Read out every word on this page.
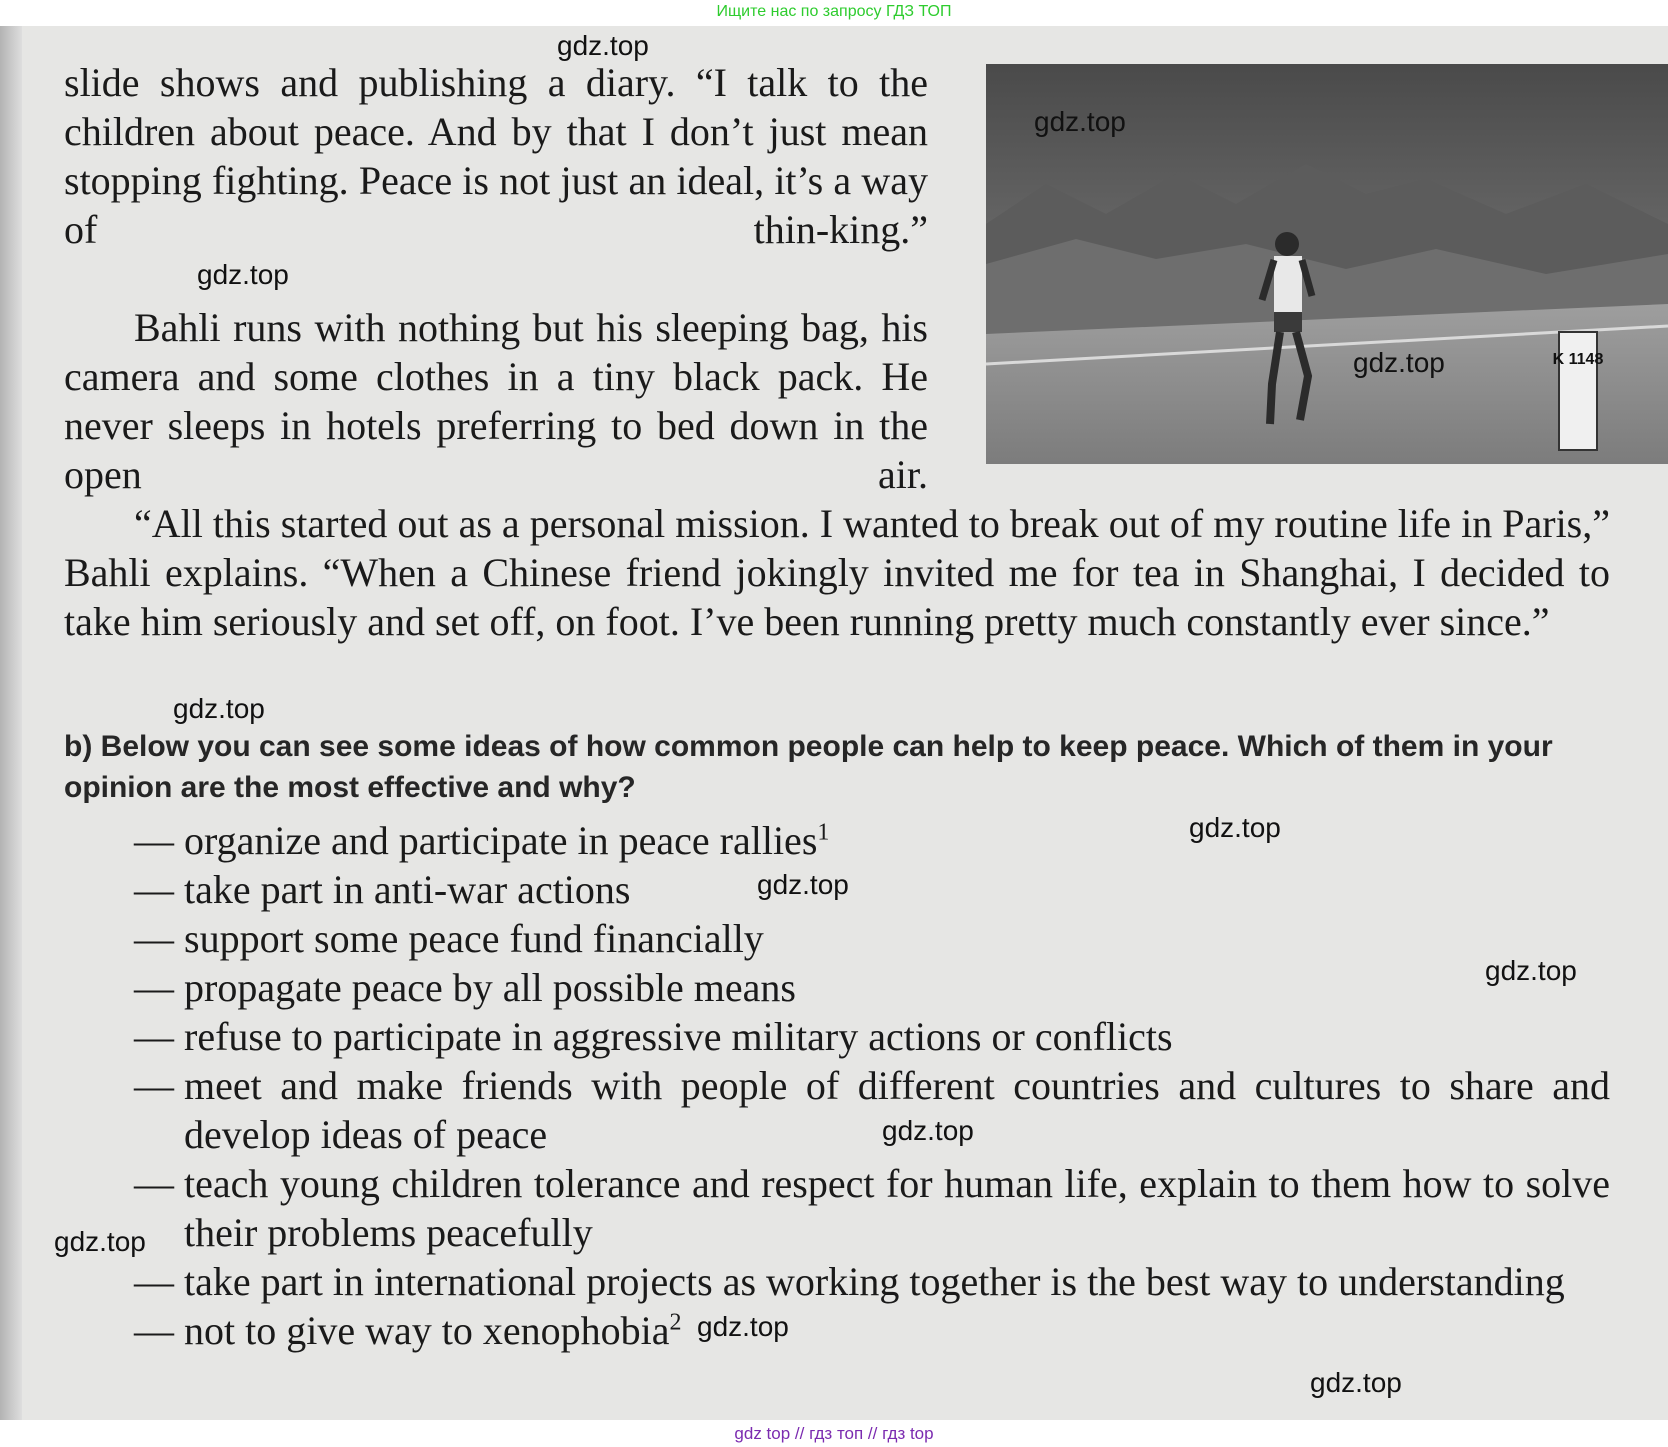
Ищите нас по запросу ГДЗ ТОП

slide shows and publishing a diary. “I talk to the children about peace. And by that I don’t just mean stopping fighting. Peace is not just an ideal, it’s a way of thin-king.”

Bahli runs with nothing but his sleeping bag, his camera and some clothes in a tiny black pack. He never sleeps in hotels preferring to bed down in the open air.

“All this started out as a personal mission. I wanted to break out of my routine life in Paris,” Bahli explains. “When a Chinese friend jokingly invited me for tea in Shanghai, I decided to take him seriously and set off, on foot. I’ve been running pretty much constantly ever since.”

K 1148

b) Below you can see some ideas of how common people can help to keep peace. Which of them in your opinion are the most effective and why?

— organize and participate in peace rallies$^1$
— take part in anti-war actions
— support some peace fund financially
— propagate peace by all possible means
— refuse to participate in aggressive military actions or conflicts
— meet and make friends with people of different countries and cultures to share and develop ideas of peace
— teach young children tolerance and respect for human life, explain to them how to solve their problems peacefully
— take part in international projects as working together is the best way to understanding
— not to give way to xenophobia$^2$
gdz.top
gdz.top
gdz.top
gdz.top
gdz.top
gdz.top
gdz.top
gdz.top
gdz.top
gdz.top
gdz.top
gdz.top
gdz top // гдз топ // гдз top
